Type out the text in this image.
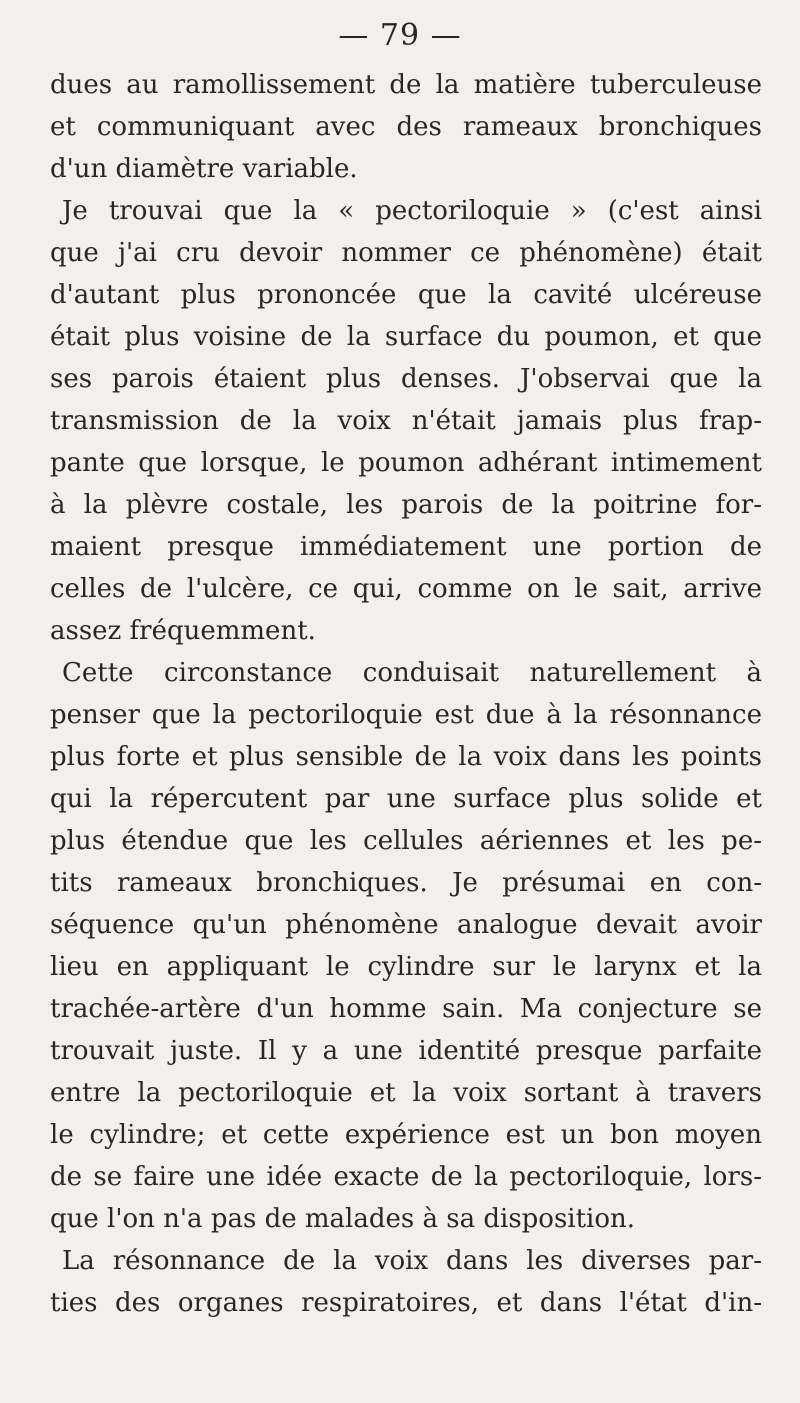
— 79 —
dues au ramollissement de la matière tuberculeuse
et communiquant avec des rameaux bronchiques
d'un diamètre variable.
Je trouvai que la « pectoriloquie » (c'est ainsi
que j'ai cru devoir nommer ce phénomène) était
d'autant plus prononcée que la cavité ulcéreuse
était plus voisine de la surface du poumon, et que
ses parois étaient plus denses. J'observai que la
transmission de la voix n'était jamais plus frap-
pante que lorsque, le poumon adhérant intimement
à la plèvre costale, les parois de la poitrine for-
maient presque immédiatement une portion de
celles de l'ulcère, ce qui, comme on le sait, arrive
assez fréquemment.
Cette circonstance conduisait naturellement à
penser que la pectoriloquie est due à la résonnance
plus forte et plus sensible de la voix dans les points
qui la répercutent par une surface plus solide et
plus étendue que les cellules aériennes et les pe-
tits rameaux bronchiques. Je présumai en con-
séquence qu'un phénomène analogue devait avoir
lieu en appliquant le cylindre sur le larynx et la
trachée-artère d'un homme sain. Ma conjecture se
trouvait juste. Il y a une identité presque parfaite
entre la pectoriloquie et la voix sortant à travers
le cylindre; et cette expérience est un bon moyen
de se faire une idée exacte de la pectoriloquie, lors-
que l'on n'a pas de malades à sa disposition.
La résonnance de la voix dans les diverses par-
ties des organes respiratoires, et dans l'état d'in-
